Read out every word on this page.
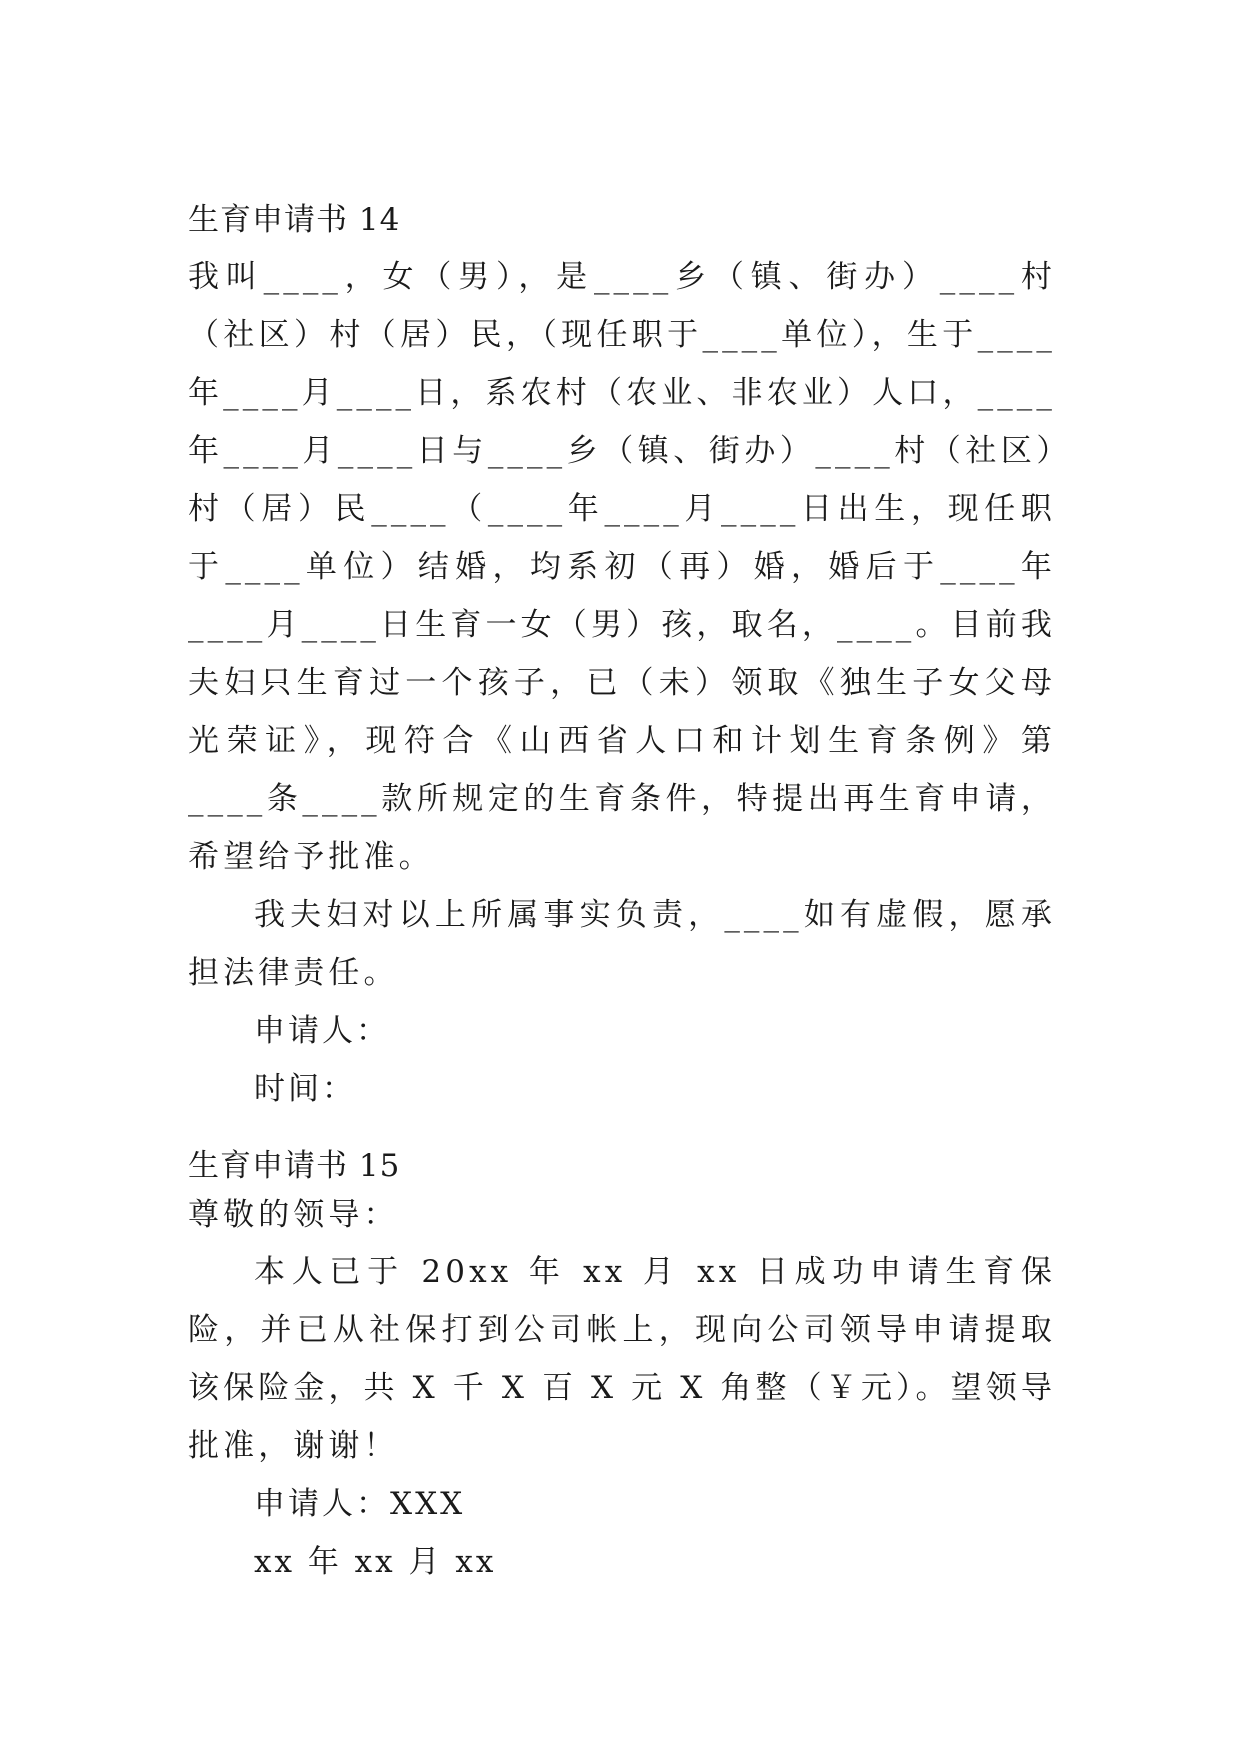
生育申请书 14

我叫____，女（男），是____乡（镇、街办）____村（社区）村（居）民，（现任职于____单位），生于____年____月____日，系农村（农业、非农业）人口，____年____月____日与____乡（镇、街办）____村（社区）村（居）民____（____年____月____日出生，现任职于____单位）结婚，均系初（再）婚，婚后于____年____月____日生育一女（男）孩，取名，____。目前我夫妇只生育过一个孩子，已（未）领取《独生子女父母光荣证》，现符合《山西省人口和计划生育条例》第____条____款所规定的生育条件，特提出再生育申请，希望给予批准。

我夫妇对以上所属事实负责，____如有虚假，愿承担法律责任。

申请人：

时间：

生育申请书 15

尊敬的领导：

本人已于 20xx 年 xx 月 xx 日成功申请生育保险，并已从社保打到公司帐上，现向公司领导申请提取该保险金，共 X 千 X 百 X 元 X 角整（￥元）。望领导批准，谢谢！

申请人：XXX

xx 年 xx 月 xx
